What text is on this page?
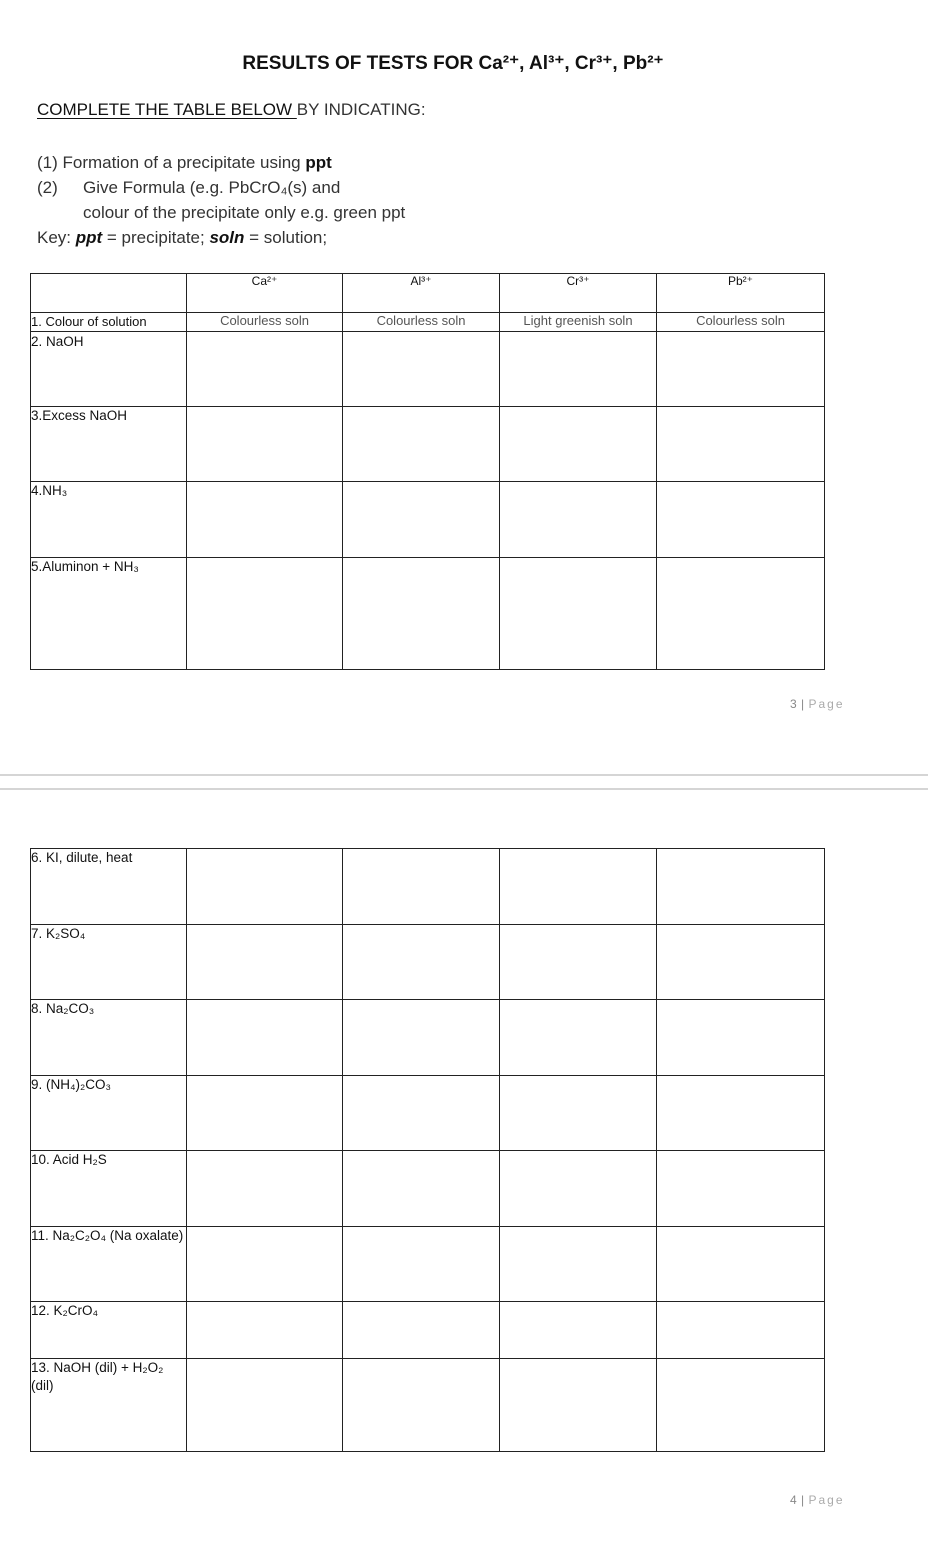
RESULTS OF TESTS FOR Ca²⁺, Al³⁺, Cr³⁺, Pb²⁺
COMPLETE THE TABLE BELOW BY INDICATING:
(1) Formation of a precipitate using ppt
(2) Give Formula (e.g. PbCrO₄(s) and
colour of the precipitate only e.g. green ppt
Key: ppt = precipitate; soln = solution;
	Ca²⁺	Al³⁺	Cr³⁺	Pb²⁺
1. Colour of solution	Colourless soln	Colourless soln	Light greenish soln	Colourless soln
2. NaOH				
3.Excess NaOH				
4.NH₃				
5.Aluminon + NH₃				
3 | Page
6. KI, dilute, heat				
7. K₂SO₄				
8. Na₂CO₃				
9. (NH₄)₂CO₃				
10. Acid H₂S				
11. Na₂C₂O₄ (Na oxalate)				
12. K₂CrO₄				
13. NaOH (dil) + H₂O₂ (dil)				
4 | Page
